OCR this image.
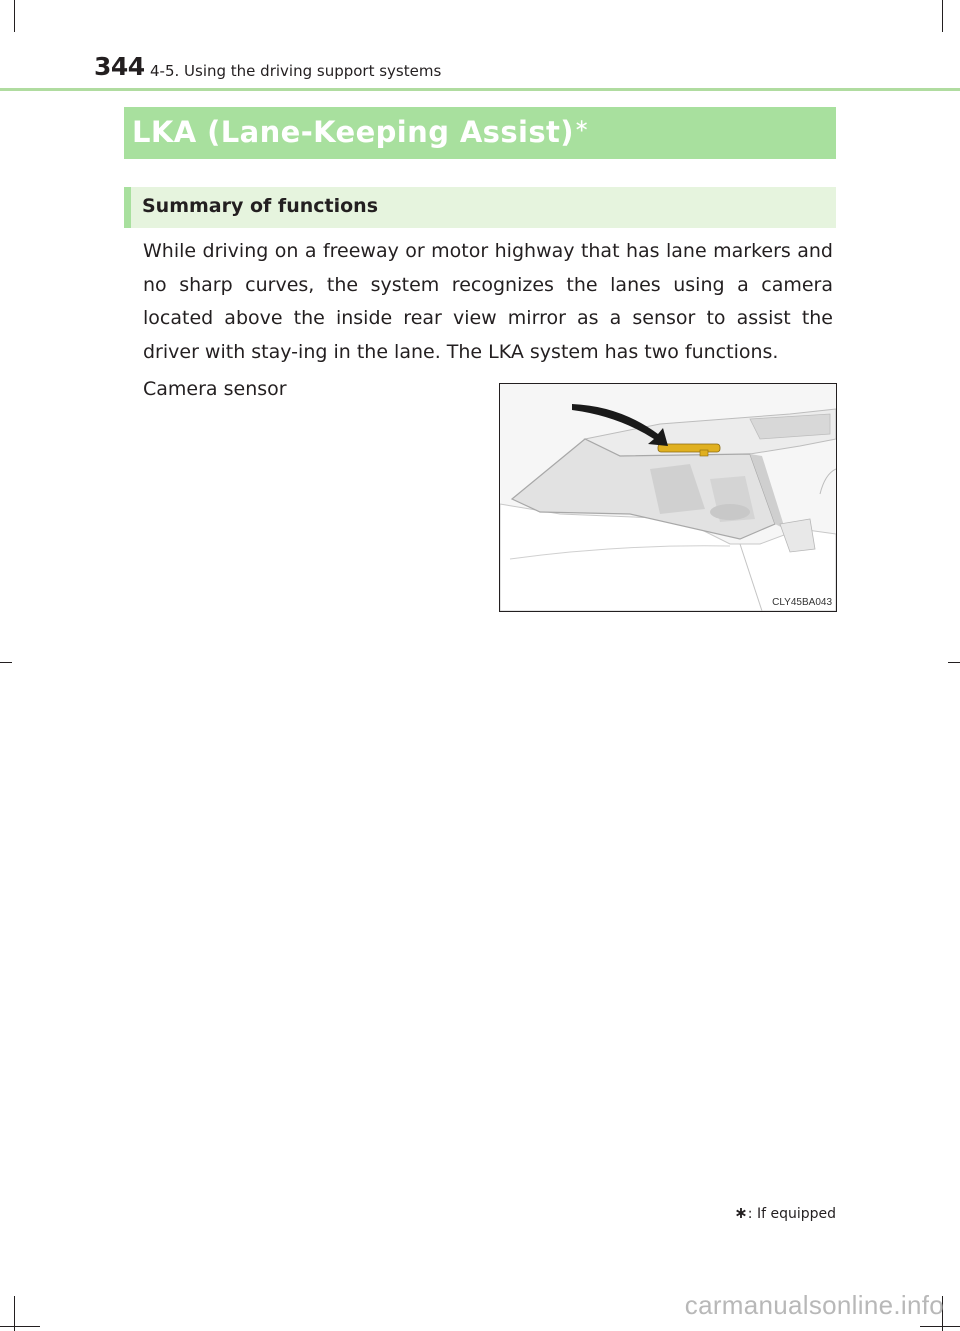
344 4-5. Using the driving support systems
LKA (Lane-Keeping Assist)∗
Summary of functions
While driving on a freeway or motor highway that has lane markers and no sharp curves, the system recognizes the lanes using a camera located above the inside rear view mirror as a sensor to assist the driver with stay-ing in the lane. The LKA system has two functions.
Camera sensor
CLY45BA043
∗: If equipped
carmanualsonline.info
